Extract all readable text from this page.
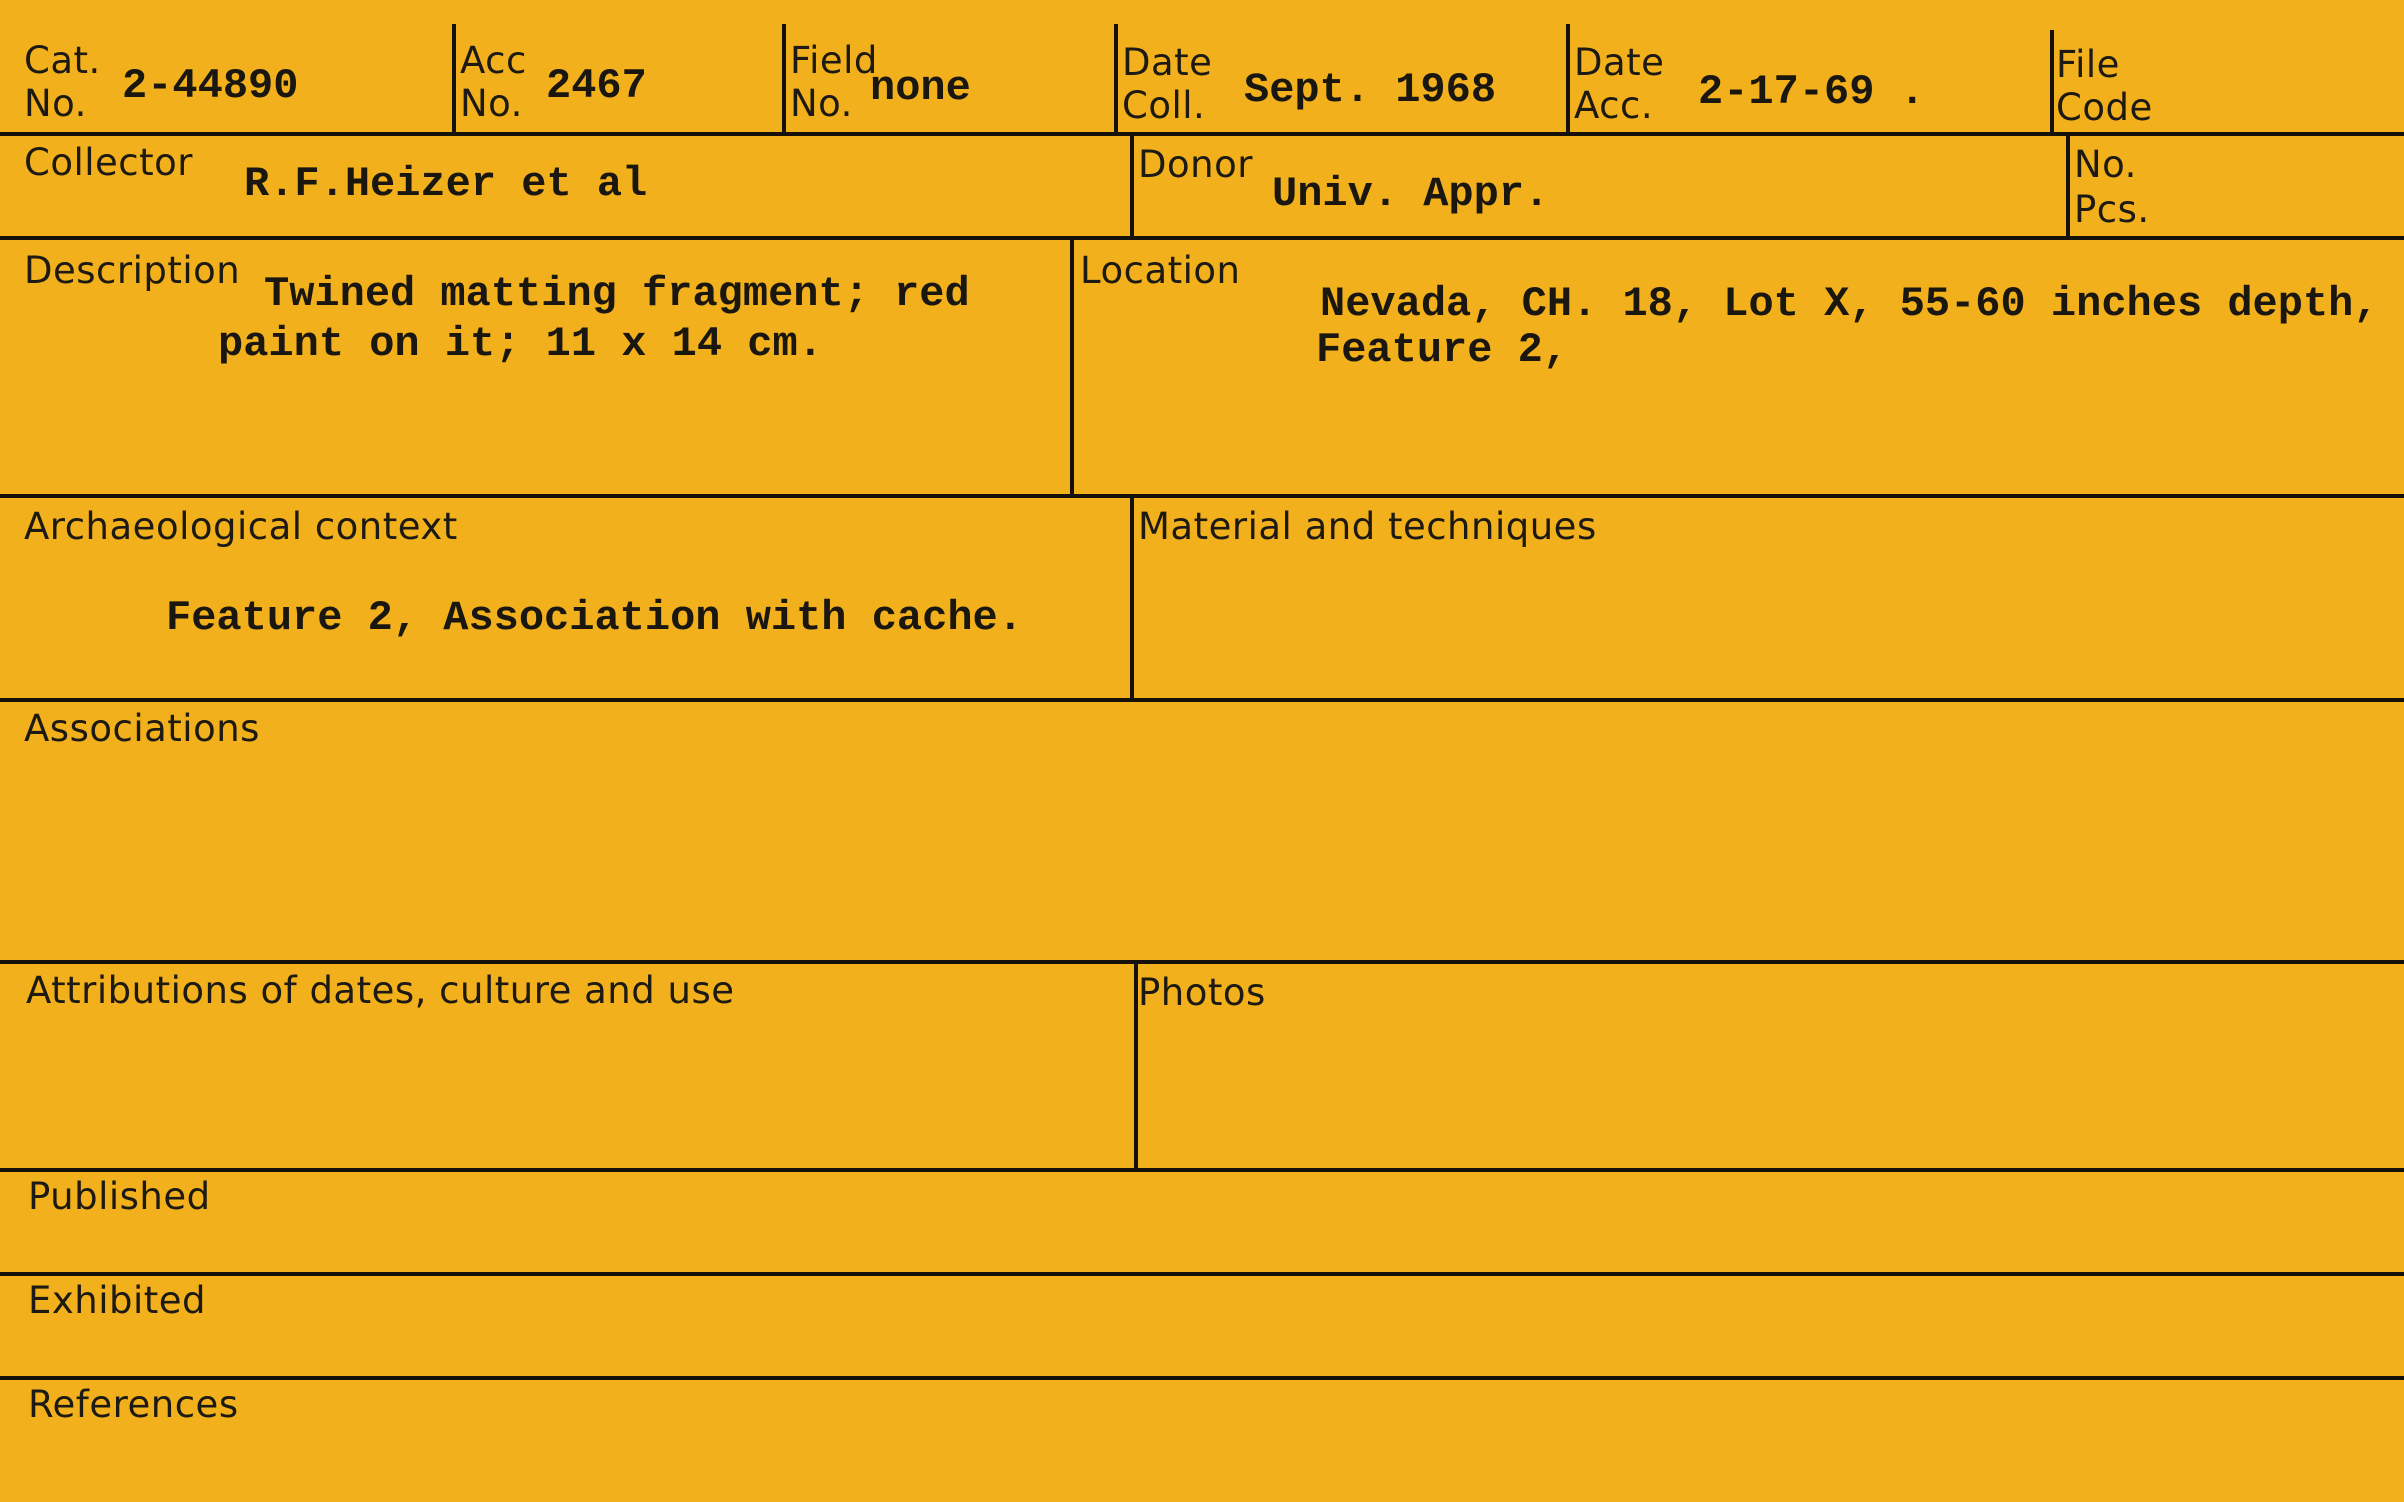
Cat.
No. 2-44890
Acc
No. 2467
Field
No. none
Date
Coll. Sept. 1968
Date
Acc. 2-17-69 .
File
Code
Collector R.F.Heizer et al	Donor
Univ. Appr.
No.
Pcs.
Description Twined matting fragment; red
paint on it; 11 x 14 cm.
Location
Nevada, CH. 18, Lot X, 55-60 inches depth,
Feature 2,
Archaeological context
Feature 2, Association with cache.
Material and techniques
Associations
Attributions of dates, culture and use	Photos
Published
Exhibited
References
